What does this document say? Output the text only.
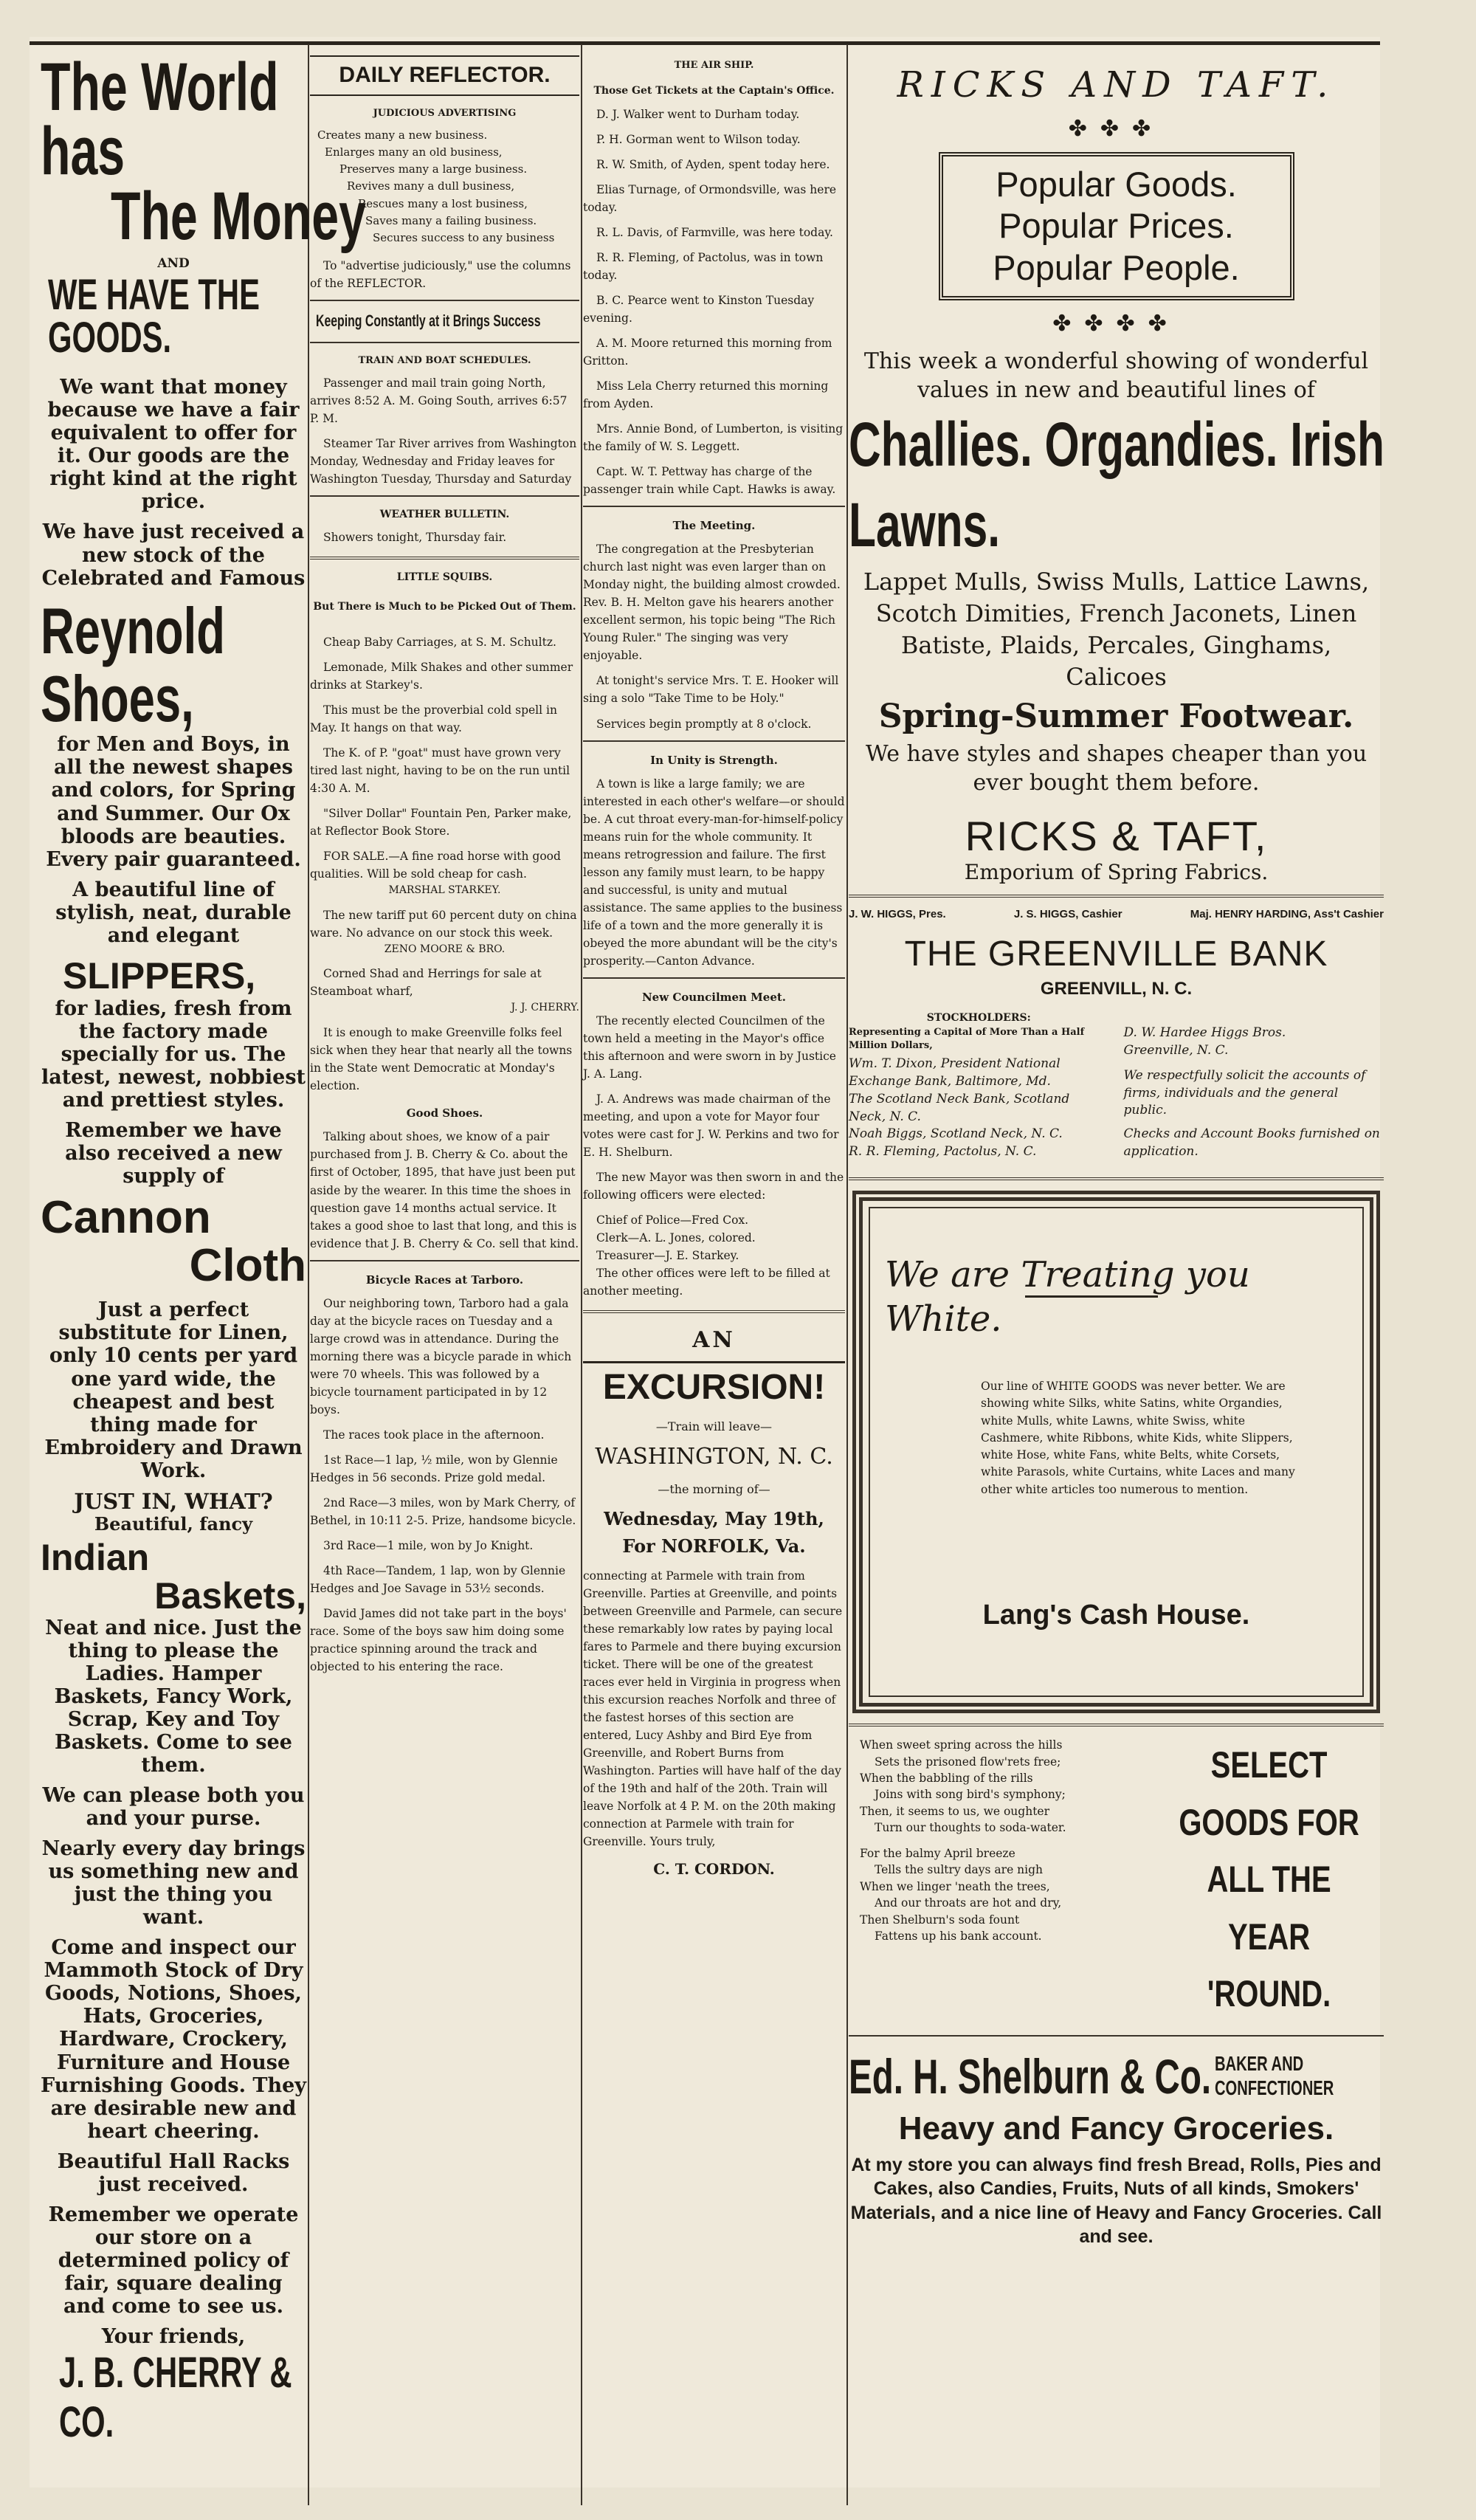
The World has
The Money
AND
WE HAVE THE GOODS.

We want that money because we have a fair equivalent to offer for it. Our goods are the right kind at the right price.

We have just received a new stock of the Celebrated and Famous

Reynold Shoes,

for Men and Boys, in all the newest shapes and colors, for Spring and Summer. Our Ox bloods are beauties. Every pair guaranteed.

A beautiful line of stylish, neat, durable and elegant

SLIPPERS,

for ladies, fresh from the factory made specially for us. The latest, newest, nobbiest and prettiest styles.

Remember we have also received a new supply of

Cannon
Cloth

Just a perfect substitute for Linen, only 10 cents per yard one yard wide, the cheapest and best thing made for Embroidery and Drawn Work.

JUST IN, WHAT?
Beautiful, fancy
Indian
Baskets,

Neat and nice. Just the thing to please the Ladies. Hamper Baskets, Fancy Work, Scrap, Key and Toy Baskets. Come to see them.

We can please both you and your purse.

Nearly every day brings us something new and just the thing you want.

Come and inspect our Mammoth Stock of Dry Goods, Notions, Shoes, Hats, Groceries, Hardware, Crockery, Furniture and House Furnishing Goods. They are desirable new and heart cheering.

Beautiful Hall Racks just received.

Remember we operate our store on a determined policy of fair, square dealing and come to see us.

Your friends,
J. B. CHERRY & CO.
DAILY REFLECTOR.
JUDICIOUS ADVERTISING
Creates many a new business.
Enlarges many an old business,
Preserves many a large business.
Revives many a dull business,
Rescues many a lost business,
Saves many a failing business.
Secures success to any business

To "advertise judiciously," use the columns of the REFLECTOR.

Keeping Constantly at it Brings Success
TRAIN AND BOAT SCHEDULES.

Passenger and mail train going North, arrives 8:52 A. M. Going South, arrives 6:57 P. M.

Steamer Tar River arrives from Washington Monday, Wednesday and Friday leaves for Washington Tuesday, Thursday and Saturday

WEATHER BULLETIN.

Showers tonight, Thursday fair.

LITTLE SQUIBS.
But There is Much to be Picked Out of Them.

Cheap Baby Carriages, at S. M. Schultz.

Lemonade, Milk Shakes and other summer drinks at Starkey's.

This must be the proverbial cold spell in May. It hangs on that way.

The K. of P. "goat" must have grown very tired last night, having to be on the run until 4:30 A. M.

"Silver Dollar" Fountain Pen, Parker make, at Reflector Book Store.

FOR SALE.—A fine road horse with good qualities. Will be sold cheap for cash.

MARSHAL STARKEY.

The new tariff put 60 percent duty on china ware. No advance on our stock this week.

ZENO MOORE & BRO.

Corned Shad and Herrings for sale at Steamboat wharf,

J. J. CHERRY.

It is enough to make Greenville folks feel sick when they hear that nearly all the towns in the State went Democratic at Monday's election.

Good Shoes.

Talking about shoes, we know of a pair purchased from J. B. Cherry & Co. about the first of October, 1895, that have just been put aside by the wearer. In this time the shoes in question gave 14 months actual service. It takes a good shoe to last that long, and this is evidence that J. B. Cherry & Co. sell that kind.

Bicycle Races at Tarboro.

Our neighboring town, Tarboro had a gala day at the bicycle races on Tuesday and a large crowd was in attendance. During the morning there was a bicycle parade in which were 70 wheels. This was followed by a bicycle tournament participated in by 12 boys.

The races took place in the afternoon.

1st Race—1 lap, ½ mile, won by Glennie Hedges in 56 seconds. Prize gold medal.

2nd Race—3 miles, won by Mark Cherry, of Bethel, in 10:11 2-5. Prize, handsome bicycle.

3rd Race—1 mile, won by Jo Knight.

4th Race—Tandem, 1 lap, won by Glennie Hedges and Joe Savage in 53½ seconds.

David James did not take part in the boys' race. Some of the boys saw him doing some practice spinning around the track and objected to his entering the race.

THE AIR SHIP.
Those Get Tickets at the Captain's Office.

D. J. Walker went to Durham today.

P. H. Gorman went to Wilson today.

R. W. Smith, of Ayden, spent today here.

Elias Turnage, of Ormondsville, was here today.

R. L. Davis, of Farmville, was here today.

R. R. Fleming, of Pactolus, was in town today.

B. C. Pearce went to Kinston Tuesday evening.

A. M. Moore returned this morning from Gritton.

Miss Lela Cherry returned this morning from Ayden.

Mrs. Annie Bond, of Lumberton, is visiting the family of W. S. Leggett.

Capt. W. T. Pettway has charge of the passenger train while Capt. Hawks is away.

The Meeting.

The congregation at the Presbyterian church last night was even larger than on Monday night, the building almost crowded. Rev. B. H. Melton gave his hearers another excellent sermon, his topic being "The Rich Young Ruler." The singing was very enjoyable.

At tonight's service Mrs. T. E. Hooker will sing a solo "Take Time to be Holy."

Services begin promptly at 8 o'clock.

In Unity is Strength.

A town is like a large family; we are interested in each other's welfare—or should be. A cut throat every-man-for-himself-policy means ruin for the whole community. It means retrogression and failure. The first lesson any family must learn, to be happy and successful, is unity and mutual assistance. The same applies to the business life of a town and the more generally it is obeyed the more abundant will be the city's prosperity.—Canton Advance.

New Councilmen Meet.

The recently elected Councilmen of the town held a meeting in the Mayor's office this afternoon and were sworn in by Justice J. A. Lang.

J. A. Andrews was made chairman of the meeting, and upon a vote for Mayor four votes were cast for J. W. Perkins and two for E. H. Shelburn.

The new Mayor was then sworn in and the following officers were elected:

Chief of Police—Fred Cox.
Clerk—A. L. Jones, colored.
Treasurer—J. E. Starkey.

The other offices were left to be filled at another meeting.

AN
EXCURSION!
—Train will leave—
WASHINGTON, N. C.
—the morning of—
Wednesday, May 19th,
For NORFOLK, Va.

connecting at Parmele with train from Greenville. Parties at Greenville, and points between Greenville and Parmele, can secure these remarkably low rates by paying local fares to Parmele and there buying excursion ticket. There will be one of the greatest races ever held in Virginia in progress when this excursion reaches Norfolk and three of the fastest horses of this section are entered, Lucy Ashby and Bird Eye from Greenville, and Robert Burns from Washington. Parties will have half of the day of the 19th and half of the 20th. Train will leave Norfolk at 4 P. M. on the 20th making connection at Parmele with train for Greenville. Yours truly,

C. T. CORDON.
RICKS AND TAFT.
✤✤✤
Popular Goods.
Popular Prices.
Popular People.
✤✤✤✤
This week a wonderful showing of wonderful values in new and beautiful lines of
Challies. Organdies. Irish Lawns.
Lappet Mulls, Swiss Mulls, Lattice Lawns, Scotch Dimities, French Jaconets, Linen Batiste, Plaids, Percales, Ginghams, Calicoes
Spring-Summer Footwear.
We have styles and shapes cheaper than you ever bought them before.
RICKS & TAFT,
Emporium of Spring Fabrics.
J. W. HIGGS, Pres.	J. S. HIGGS, Cashier	Maj. HENRY HARDING, Ass't Cashier
THE GREENVILLE BANK
GREENVILL, N. C.
STOCKHOLDERS:
Representing a Capital of More Than a Half Million Dollars,
Wm. T. Dixon, President National Exchange Bank, Baltimore, Md.
The Scotland Neck Bank, Scotland Neck, N. C.
Noah Biggs, Scotland Neck, N. C.
R. R. Fleming, Pactolus, N. C.
D. W. Hardee Higgs Bros.
Greenville, N. C.
We respectfully solicit the accounts of firms, individuals and the general public.
Checks and Account Books furnished on application.
We are Treating you White.
Our line of WHITE GOODS was never better. We are showing white Silks, white Satins, white Organdies, white Mulls, white Lawns, white Swiss, white Cashmere, white Ribbons, white Kids, white Slippers, white Hose, white Fans, white Belts, white Corsets, white Parasols, white Curtains, white Laces and many other white articles too numerous to mention.
Lang's Cash House.
When sweet spring across the hills
Sets the prisoned flow'rets free;
When the babbling of the rills
Joins with song bird's symphony;
Then, it seems to us, we oughter
Turn our thoughts to soda-water.
For the balmy April breeze
Tells the sultry days are nigh
When we linger 'neath the trees,
And our throats are hot and dry,
Then Shelburn's soda fount
Fattens up his bank account.
SELECT GOODS FOR ALL THE YEAR 'ROUND.
Ed. H. Shelburn & Co. BAKER AND CONFECTIONER
Heavy and Fancy Groceries.
At my store you can always find fresh Bread, Rolls, Pies and Cakes, also Candies, Fruits, Nuts of all kinds, Smokers' Materials, and a nice line of Heavy and Fancy Groceries. Call and see.
